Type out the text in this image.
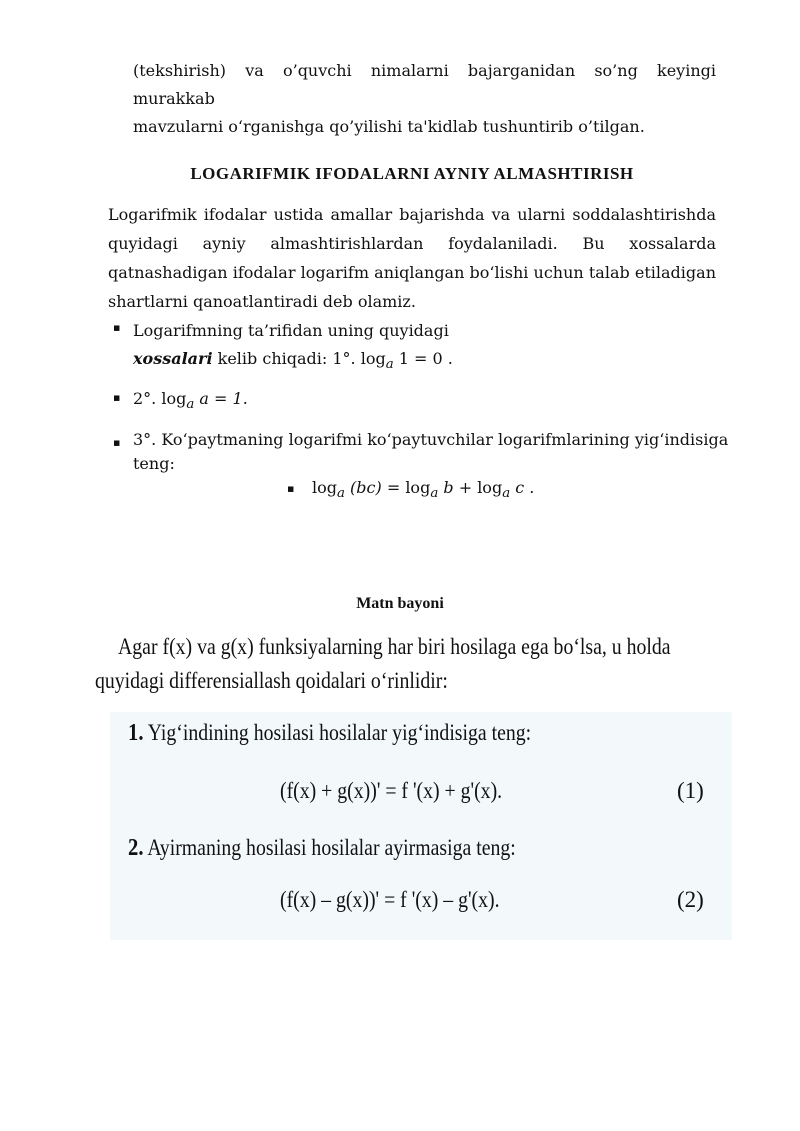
(tekshirish) va o’quvchi nimalarni bajarganidan so’ng keyingi murakkab
mavzularni o‘rganishga qo’yilishi ta'kidlab tushuntirib o’tilgan.
LOGARIFMIK IFODALARNI AYNIY ALMASHTIRISH
Logarifmik ifodalar ustida amallar bajarishda va ularni soddalashtirishda
quyidagi ayniy almashtirishlardan foydalaniladi. Bu xossalarda
qatnashadigan ifodalar logarifm aniqlangan bo‘lishi uchun talab etiladigan
shartlarni qanoatlantiradi deb olamiz.
▪ Logarifmning ta’rifidan uning quyidagi
xossalari kelib chiqadi: 1°. $\log_a 1 = 0$ .
▪ 2°. $\log_a a = 1$.
▪ 3°. Ko‘paytmaning logarifmi ko‘paytuvchilar logarifmlarining yig‘indisiga
teng:
▪ $\log_a (bc) = \log_a b + \log_a c$ .
Matn bayoni
Agar f(x) va g(x) funksiyalarning har biri hosilaga ega bo‘lsa, u holda
quyidagi differensiallash qoidalari o‘rinlidir:
1. Yig‘indining hosilasi hosilalar yig‘indisiga teng:
(f(x) + g(x))' = f '(x) + g'(x).	(1)
2. Ayirmaning hosilasi hosilalar ayirmasiga teng:
(f(x) – g(x))' = f '(x) – g'(x).	(2)
